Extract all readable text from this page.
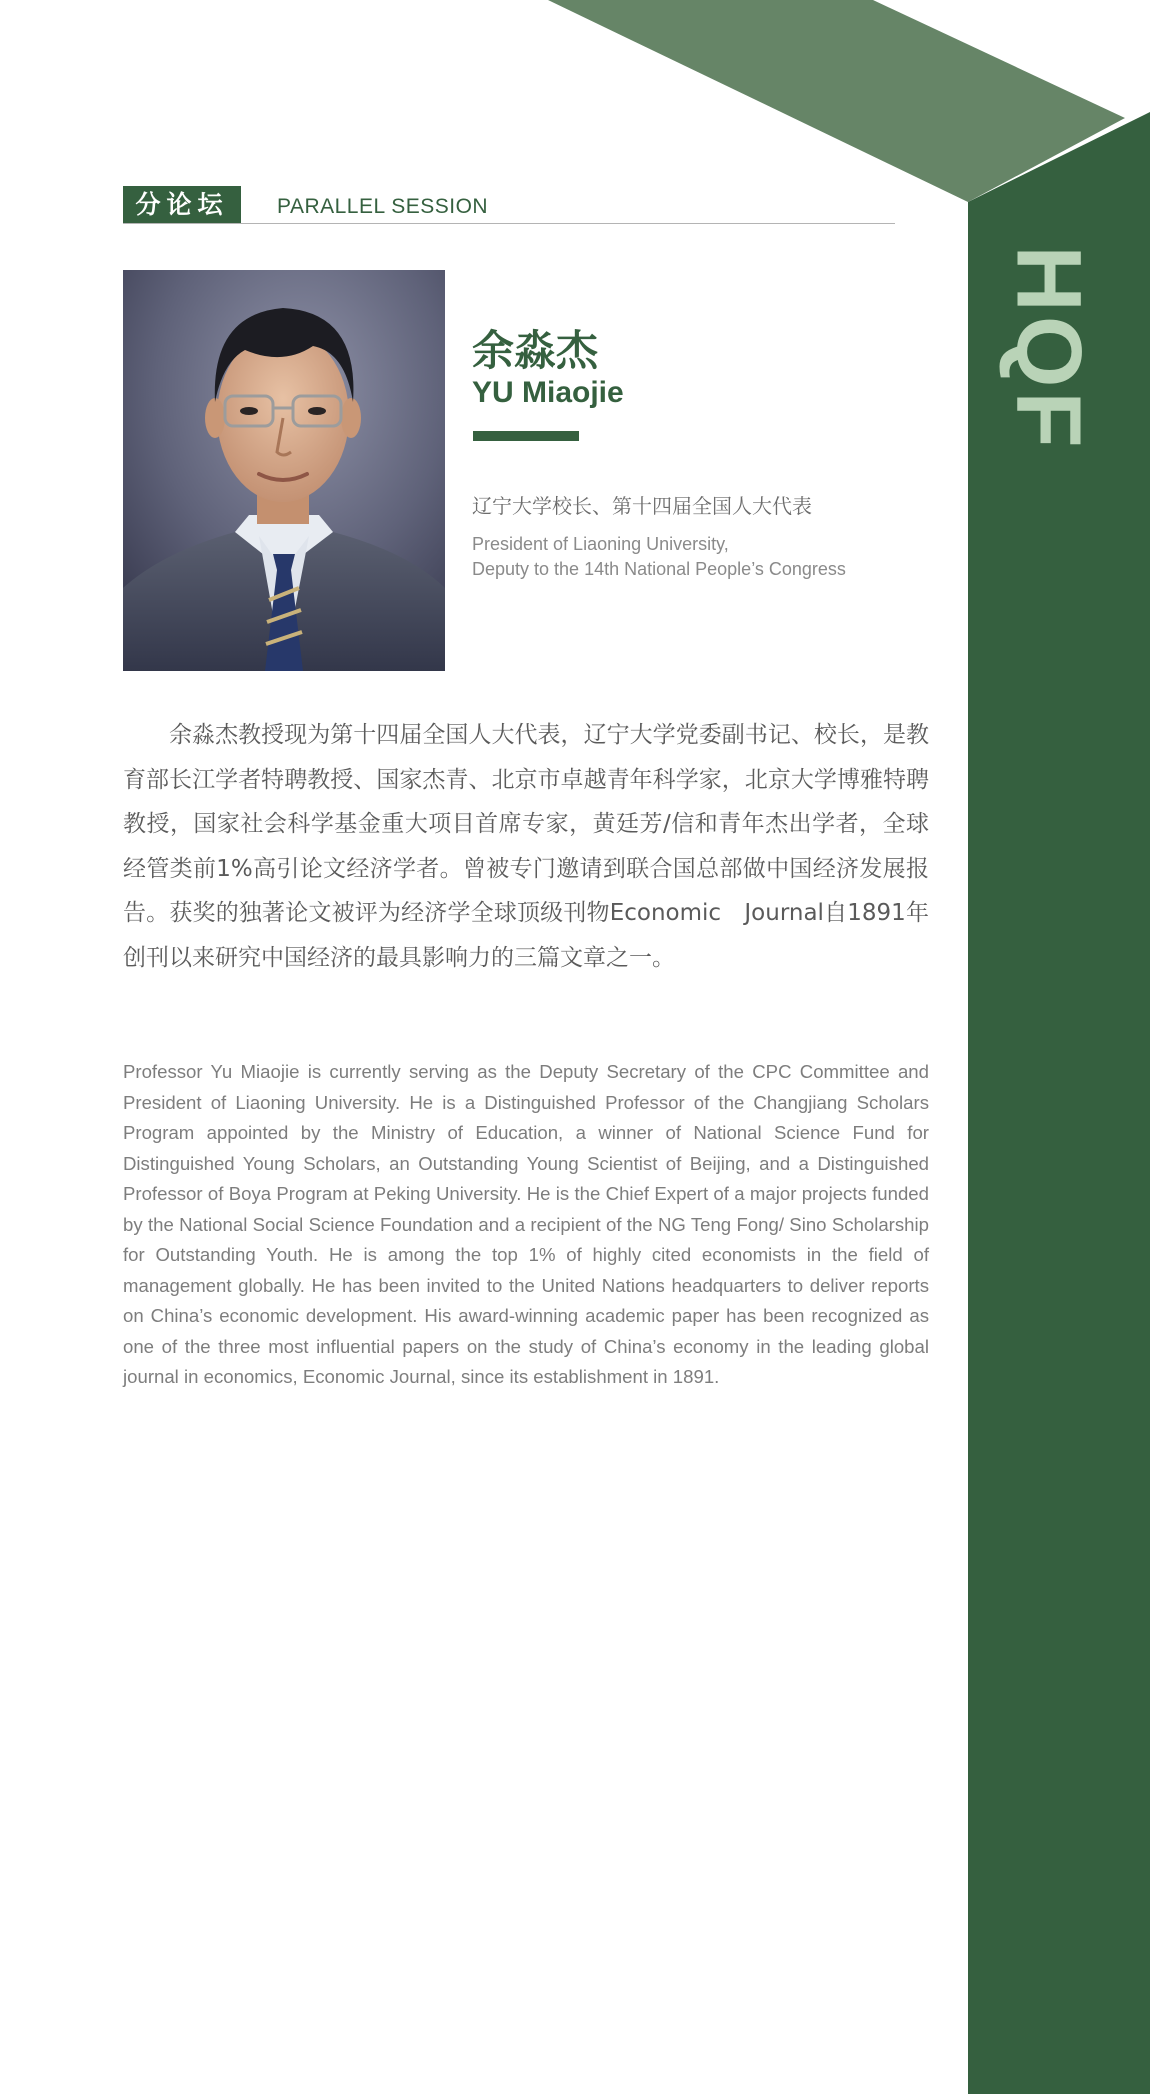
HQF
分论坛	PARALLEL SESSION
余淼杰
YU Miaojie
辽宁大学校长、第十四届全国人大代表
President of Liaoning University,
Deputy to the 14th National People’s Congress

余淼杰教授现为第十四届全国人大代表，辽宁大学党委副书记、校长，是教育部长江学者特聘教授、国家杰青、北京市卓越青年科学家，北京大学博雅特聘教授，国家社会科学基金重大项目首席专家，黄廷芳/信和青年杰出学者，全球经管类前1%高引论文经济学者。曾被专门邀请到联合国总部做中国经济发展报告。获奖的独著论文被评为经济学全球顶级刊物Economic　Journal自1891年创刊以来研究中国经济的最具影响力的三篇文章之一。

Professor Yu Miaojie is currently serving as the Deputy Secretary of the CPC Committee and President of Liaoning University. He is a Distinguished Professor of the Changjiang Scholars Program appointed by the Ministry of Education, a winner of National Science Fund for Distinguished Young Scholars, an Outstanding Young Scientist of Beijing, and a Distinguished Professor of Boya Program at Peking University. He is the Chief Expert of a major projects funded by the National Social Science Foundation and a recipient of the NG Teng Fong/ Sino Scholarship for Outstanding Youth. He is among the top 1% of highly cited economists in the field of management globally. He has been invited to the United Nations headquarters to deliver reports on China’s economic development. His award-winning academic paper has been recognized as one of the three most influential papers on the study of China’s economy in the leading global journal in economics, Economic Journal, since its establishment in 1891.
